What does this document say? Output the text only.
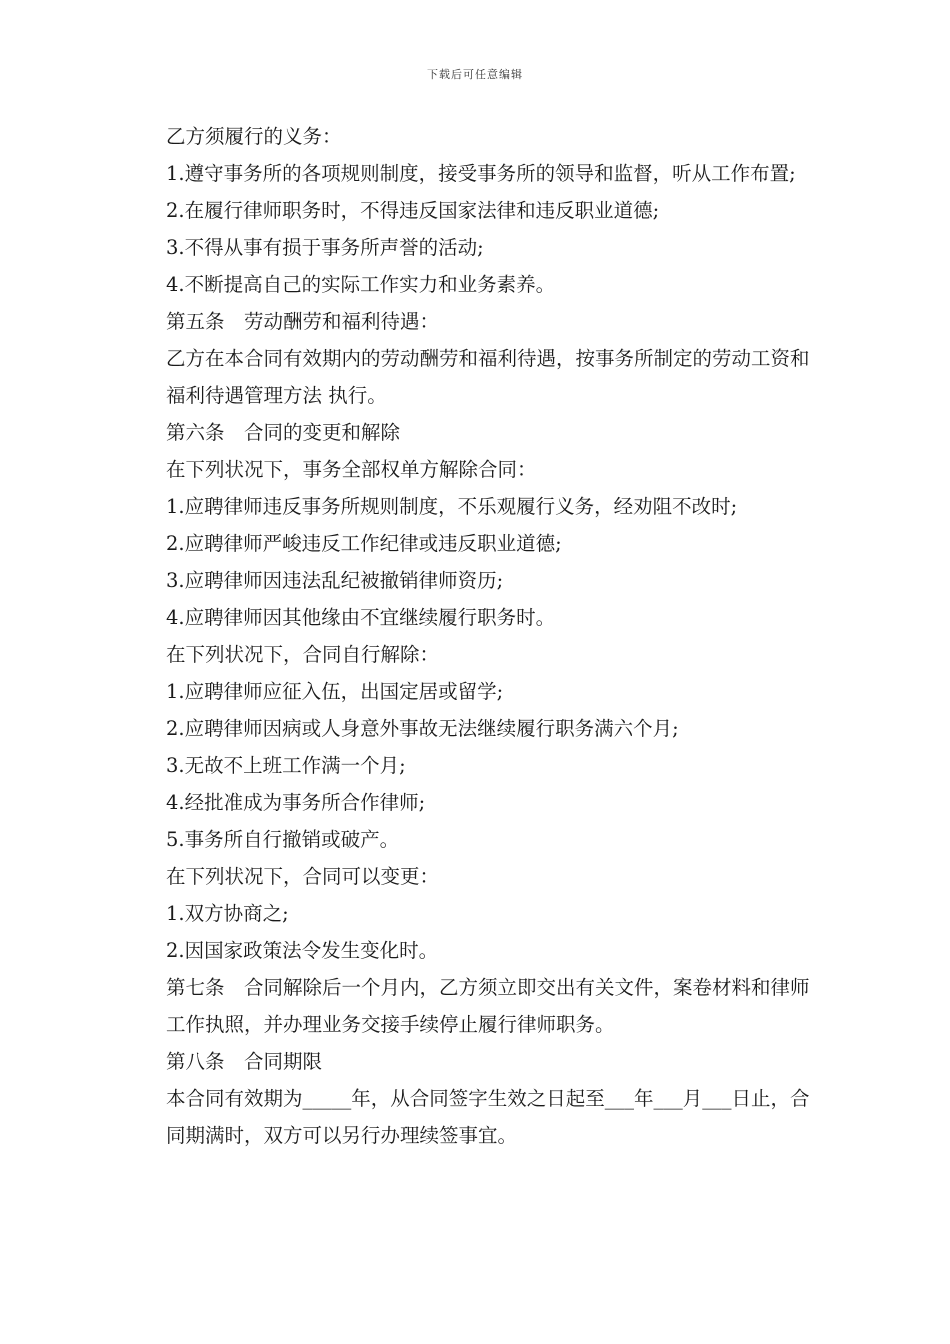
下载后可任意编辑

乙方须履行的义务：

1.遵守事务所的各项规则制度，接受事务所的领导和监督，听从工作布置;

2.在履行律师职务时，不得违反国家法律和违反职业道德;

3.不得从事有损于事务所声誉的活动;

4.不断提高自己的实际工作实力和业务素养。

第五条　劳动酬劳和福利待遇：

乙方在本合同有效期内的劳动酬劳和福利待遇，按事务所制定的劳动工资和福利待遇管理方法 执行。

第六条　合同的变更和解除

在下列状况下，事务全部权单方解除合同：

1.应聘律师违反事务所规则制度，不乐观履行义务，经劝阻不改时;

2.应聘律师严峻违反工作纪律或违反职业道德;

3.应聘律师因违法乱纪被撤销律师资历;

4.应聘律师因其他缘由不宜继续履行职务时。

在下列状况下，合同自行解除：

1.应聘律师应征入伍，出国定居或留学;

2.应聘律师因病或人身意外事故无法继续履行职务满六个月;

3.无故不上班工作满一个月;

4.经批准成为事务所合作律师;

5.事务所自行撤销或破产。

在下列状况下，合同可以变更：

1.双方协商之;

2.因国家政策法令发生变化时。

第七条　合同解除后一个月内，乙方须立即交出有关文件，案卷材料和律师工作执照，并办理业务交接手续停止履行律师职务。

第八条　合同期限

本合同有效期为_____年，从合同签字生效之日起至___年___月___日止，合同期满时，双方可以另行办理续签事宜。
